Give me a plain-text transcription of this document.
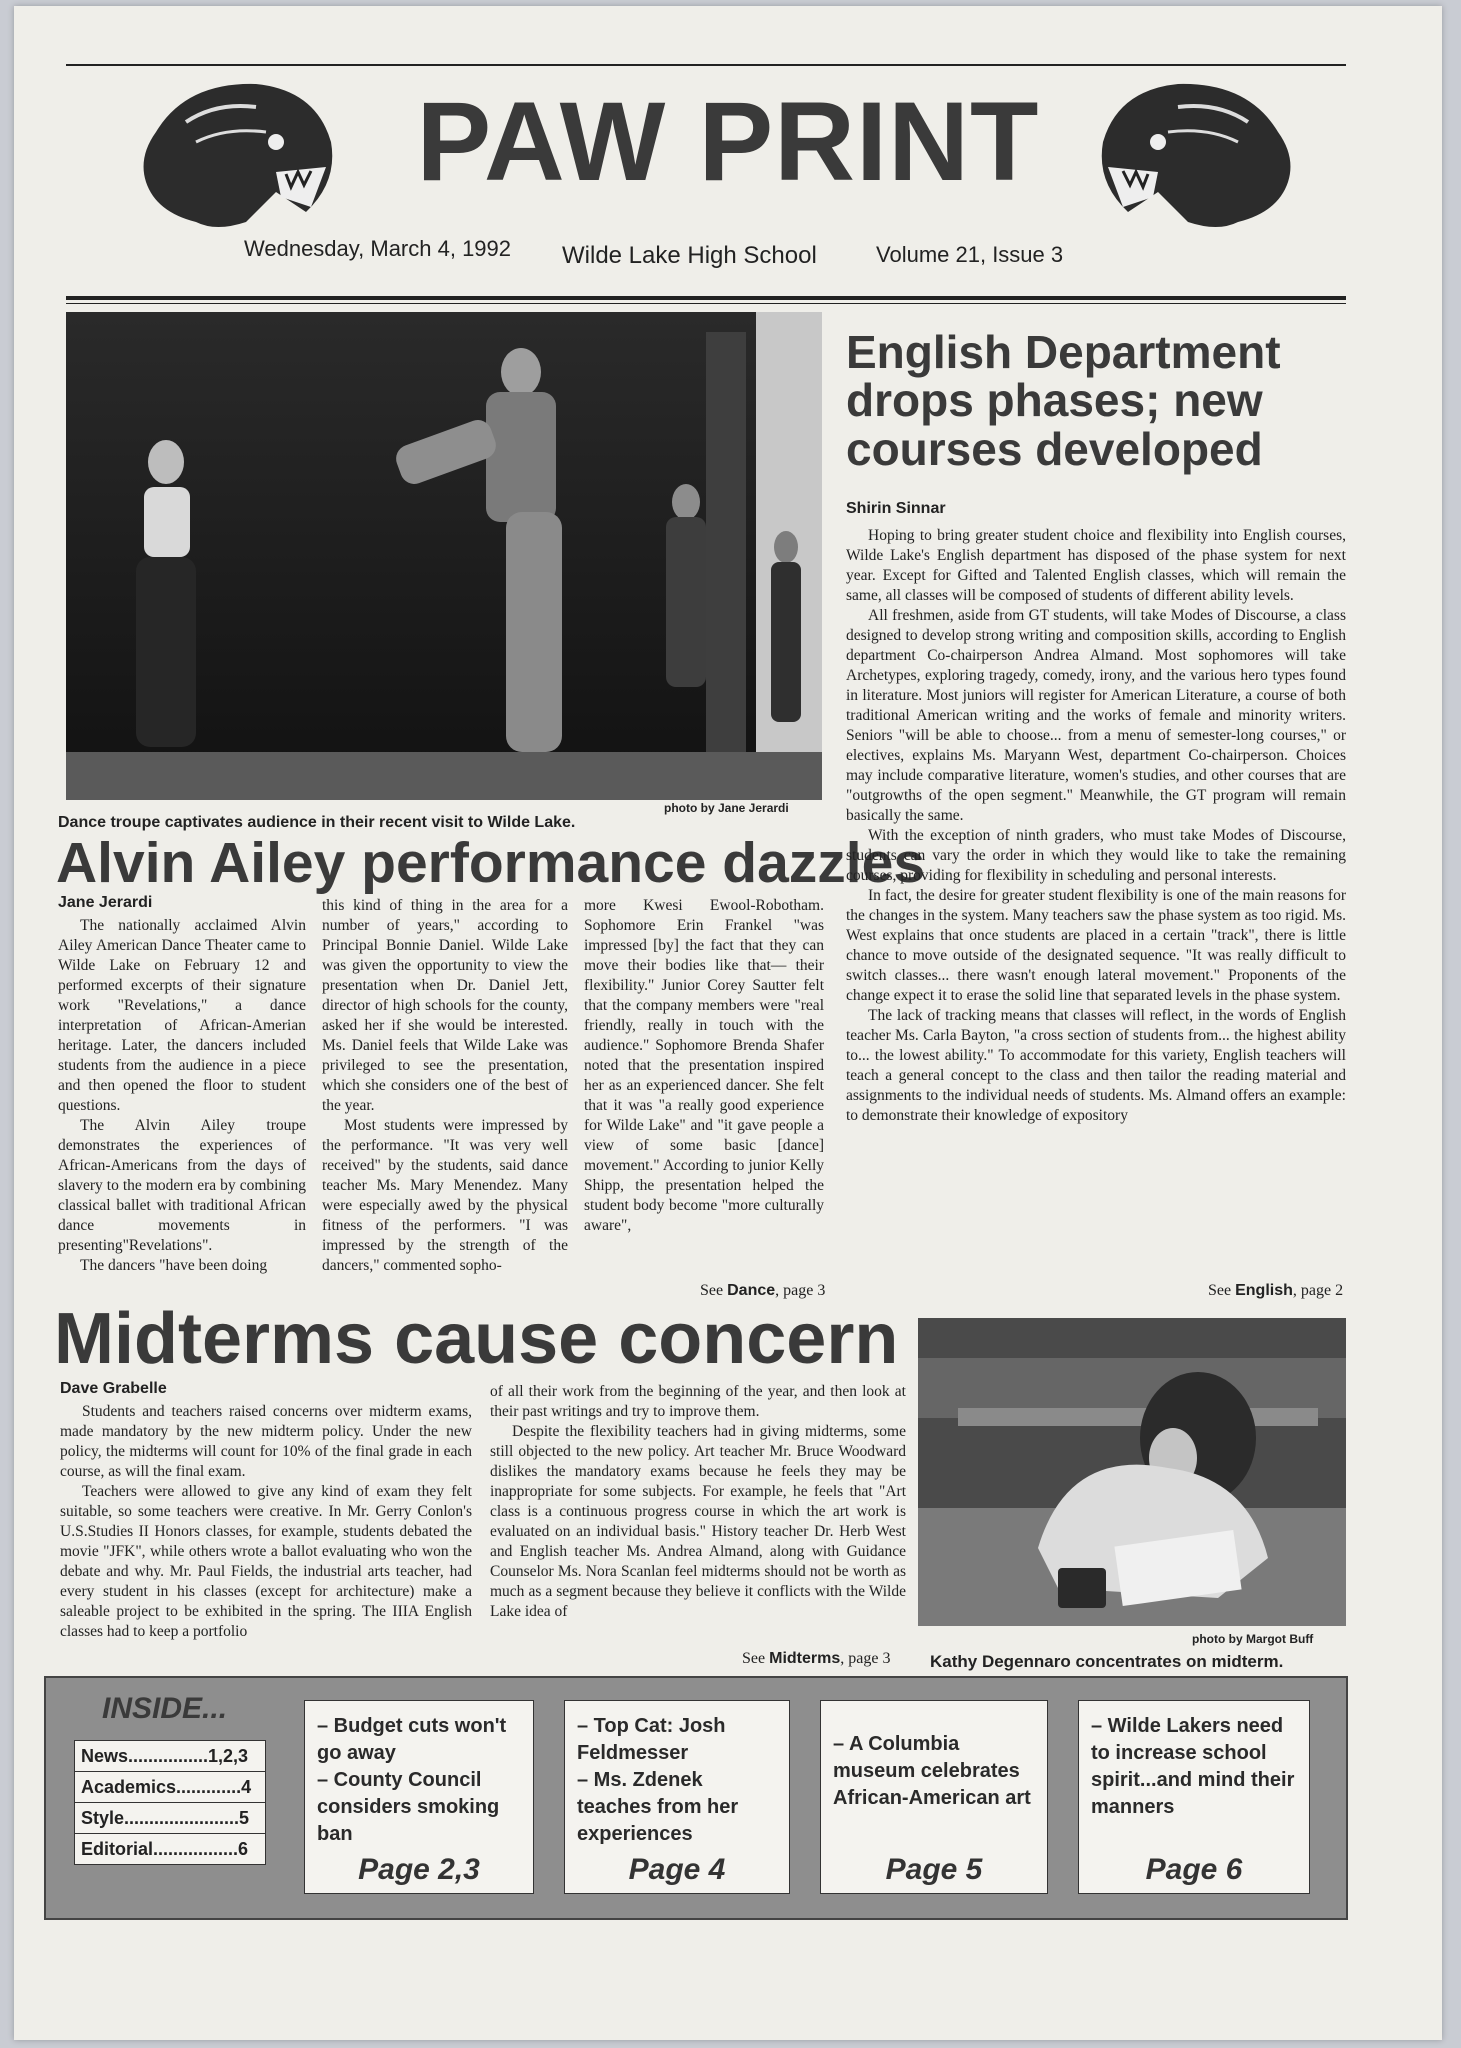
PAW PRINT
Wednesday, March 4, 1992 Wilde Lake High School	Volume 21, Issue 3
photo by Jane Jerardi
Dance troupe captivates audience in their recent visit to Wilde Lake.
Alvin Ailey performance dazzles
Jane Jerardi

The nationally acclaimed Alvin Ailey American Dance Theater came to Wilde Lake on February 12 and performed excerpts of their signature work "Revelations," a dance interpretation of African-Amerian heritage. Later, the dancers included students from the audience in a piece and then opened the floor to student questions.

The Alvin Ailey troupe demonstrates the experiences of African-Americans from the days of slavery to the modern era by combining classical ballet with traditional African dance movements in presenting"Revelations".

The dancers "have been doing

this kind of thing in the area for a number of years," according to Principal Bonnie Daniel. Wilde Lake was given the opportunity to view the presentation when Dr. Daniel Jett, director of high schools for the county, asked her if she would be interested. Ms. Daniel feels that Wilde Lake was privileged to see the presentation, which she considers one of the best of the year.

Most students were impressed by the performance. "It was very well received" by the students, said dance teacher Ms. Mary Menendez. Many were especially awed by the physical fitness of the performers. "I was impressed by the strength of the dancers," commented sopho-

more Kwesi Ewool-Robotham. Sophomore Erin Frankel "was impressed [by] the fact that they can move their bodies like that— their flexibility." Junior Corey Sautter felt that the company members were "real friendly, really in touch with the audience." Sophomore Brenda Shafer noted that the presentation inspired her as an experienced dancer. She felt that it was "a really good experience for Wilde Lake" and "it gave people a view of some basic [dance] movement." According to junior Kelly Shipp, the presentation helped the student body become "more culturally aware",

See Dance, page 3
English Department drops phases; new courses developed
Shirin Sinnar

Hoping to bring greater student choice and flexibility into English courses, Wilde Lake's English department has disposed of the phase system for next year. Except for Gifted and Talented English classes, which will remain the same, all classes will be composed of students of different ability levels.

All freshmen, aside from GT students, will take Modes of Discourse, a class designed to develop strong writing and composition skills, according to English department Co-chairperson Andrea Almand. Most sophomores will take Archetypes, exploring tragedy, comedy, irony, and the various hero types found in literature. Most juniors will register for American Literature, a course of both traditional American writing and the works of female and minority writers. Seniors "will be able to choose... from a menu of semester-long courses," or electives, explains Ms. Maryann West, department Co-chairperson. Choices may include comparative literature, women's studies, and other courses that are "outgrowths of the open segment." Meanwhile, the GT program will remain basically the same.

With the exception of ninth graders, who must take Modes of Discourse, students can vary the order in which they would like to take the remaining courses, providing for flexibility in scheduling and personal interests.

In fact, the desire for greater student flexibility is one of the main reasons for the changes in the system. Many teachers saw the phase system as too rigid. Ms. West explains that once students are placed in a certain "track", there is little chance to move outside of the designated sequence. "It was really difficult to switch classes... there wasn't enough lateral movement." Proponents of the change expect it to erase the solid line that separated levels in the phase system.

The lack of tracking means that classes will reflect, in the words of English teacher Ms. Carla Bayton, "a cross section of students from... the highest ability to... the lowest ability." To accommodate for this variety, English teachers will teach a general concept to the class and then tailor the reading material and assignments to the individual needs of students. Ms. Almand offers an example: to demonstrate their knowledge of expository

See English, page 2
Midterms cause concern
Dave Grabelle

Students and teachers raised concerns over midterm exams, made mandatory by the new midterm policy. Under the new policy, the midterms will count for 10% of the final grade in each course, as will the final exam.

Teachers were allowed to give any kind of exam they felt suitable, so some teachers were creative. In Mr. Gerry Conlon's U.S.Studies II Honors classes, for example, students debated the movie "JFK", while others wrote a ballot evaluating who won the debate and why. Mr. Paul Fields, the industrial arts teacher, had every student in his classes (except for architecture) make a saleable project to be exhibited in the spring. The IIIA English classes had to keep a portfolio

of all their work from the beginning of the year, and then look at their past writings and try to improve them.

Despite the flexibility teachers had in giving midterms, some still objected to the new policy. Art teacher Mr. Bruce Woodward dislikes the mandatory exams because he feels they may be inappropriate for some subjects. For example, he feels that "Art class is a continuous progress course in which the art work is evaluated on an individual basis." History teacher Dr. Herb West and English teacher Ms. Andrea Almand, along with Guidance Counselor Ms. Nora Scanlan feel midterms should not be worth as much as a segment because they believe it conflicts with the Wilde Lake idea of

See Midterms, page 3
photo by Margot Buff
Kathy Degennaro concentrates on midterm.
INSIDE...
News................1,2,3
Academics.............4
Style.......................5
Editorial.................6
– Budget cuts won't go away
– County Council considers smoking ban
Page 2,3
– Top Cat: Josh Feldmesser
– Ms. Zdenek teaches from her experiences
Page 4
– A Columbia museum celebrates African-American art
Page 5
– Wilde Lakers need to increase school spirit...and mind their manners
Page 6
